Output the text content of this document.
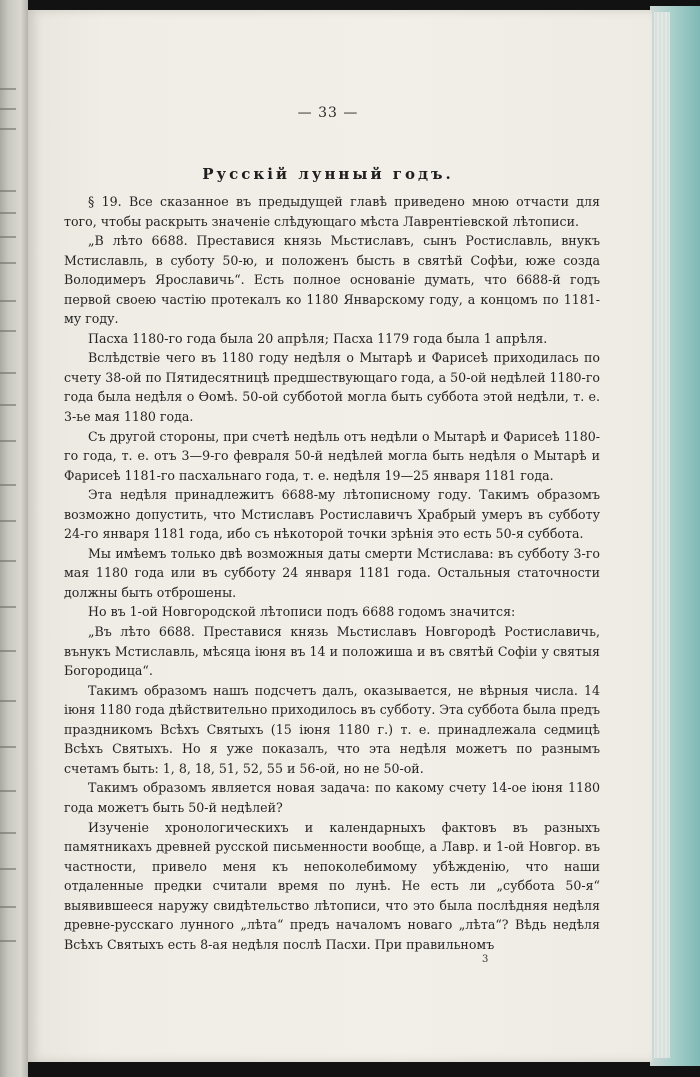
— 33 —
Русскiй лунный годъ.

§ 19. Все сказанное въ предыдущей главѣ приведено мною отчасти для того, чтобы раскрыть значенiе слѣдующаго мѣста Лаврентiевской лѣтописи.

„В лѣто 6688. Преставися князь Мьстиславъ, сынъ Ростиславль, внукъ Мстиславль, в суботу 50-ю, и положенъ бысть в святѣй Софѣи, юже созда Володимеръ Ярославичь“. Есть полное основанiе думать, что 6688-й годъ первой своею частiю протекалъ ко 1180 Январскому году, а концомъ по 1181-му году.

Пасха 1180-го года была 20 апрѣля; Пасха 1179 года была 1 апрѣля.

Вслѣдствiе чего въ 1180 году недѣля о Мытарѣ и Фарисеѣ приходилась по счету 38-ой по Пятидесятницѣ предшествующаго года, а 50-ой недѣлей 1180-го года была недѣля о Ѳомѣ. 50-ой субботой могла быть суббота этой недѣли, т. е. 3-ье мая 1180 года.

Съ другой стороны, при счетѣ недѣль отъ недѣли о Мытарѣ и Фарисеѣ 1180-го года, т. е. отъ 3—9-го февраля 50-й недѣлей могла быть недѣля о Мытарѣ и Фарисеѣ 1181-го пасхальнаго года, т. е. недѣля 19—25 января 1181 года.

Эта недѣля принадлежитъ 6688-му лѣтописному году. Такимъ образомъ возможно допустить, что Мстиславъ Ростиславичъ Храбрый умеръ въ субботу 24-го января 1181 года, ибо съ нѣкоторой точки зрѣнiя это есть 50-я суббота.

Мы имѣемъ только двѣ возможныя даты смерти Мстислава: въ субботу 3-го мая 1180 года или въ субботу 24 января 1181 года. Остальныя статочности должны быть отброшены.

Но въ 1-ой Новгородской лѣтописи подъ 6688 годомъ значится:

„Въ лѣто 6688. Преставися князь Мьстиславъ Новгородѣ Ростиславичь, вънукъ Мстиславль, мѣсяца iюня въ 14 и положиша и въ святѣй Софiи у святыя Богородица“.

Такимъ образомъ нашъ подсчетъ далъ, оказывается, не вѣрныя числа. 14 iюня 1180 года дѣйствительно приходилось въ субботу. Эта суббота была предъ праздникомъ Всѣхъ Святыхъ (15 iюня 1180 г.) т. е. принадлежала седмицѣ Всѣхъ Святыхъ. Но я уже показалъ, что эта недѣля можетъ по разнымъ счетамъ быть: 1, 8, 18, 51, 52, 55 и 56-ой, но не 50-ой.

Такимъ образомъ является новая задача: по какому счету 14-ое iюня 1180 года можетъ быть 50-й недѣлей?

Изученiе хронологическихъ и календарныхъ фактовъ въ разныхъ памятникахъ древней русской письменности вообще, а Лавр. и 1-ой Новгор. въ частности, привело меня къ непоколебимому убѣжденiю, что наши отдаленные предки считали время по лунѣ. Не есть ли „суббота 50-я“ выявившееся наружу свидѣтельство лѣтописи, что это была послѣдняя недѣля древне-русскаго лунного „лѣта“ предъ началомъ новаго „лѣта“? Вѣдь недѣля Всѣхъ Святыхъ есть 8-ая недѣля послѣ Пасхи. При правильномъ

3
